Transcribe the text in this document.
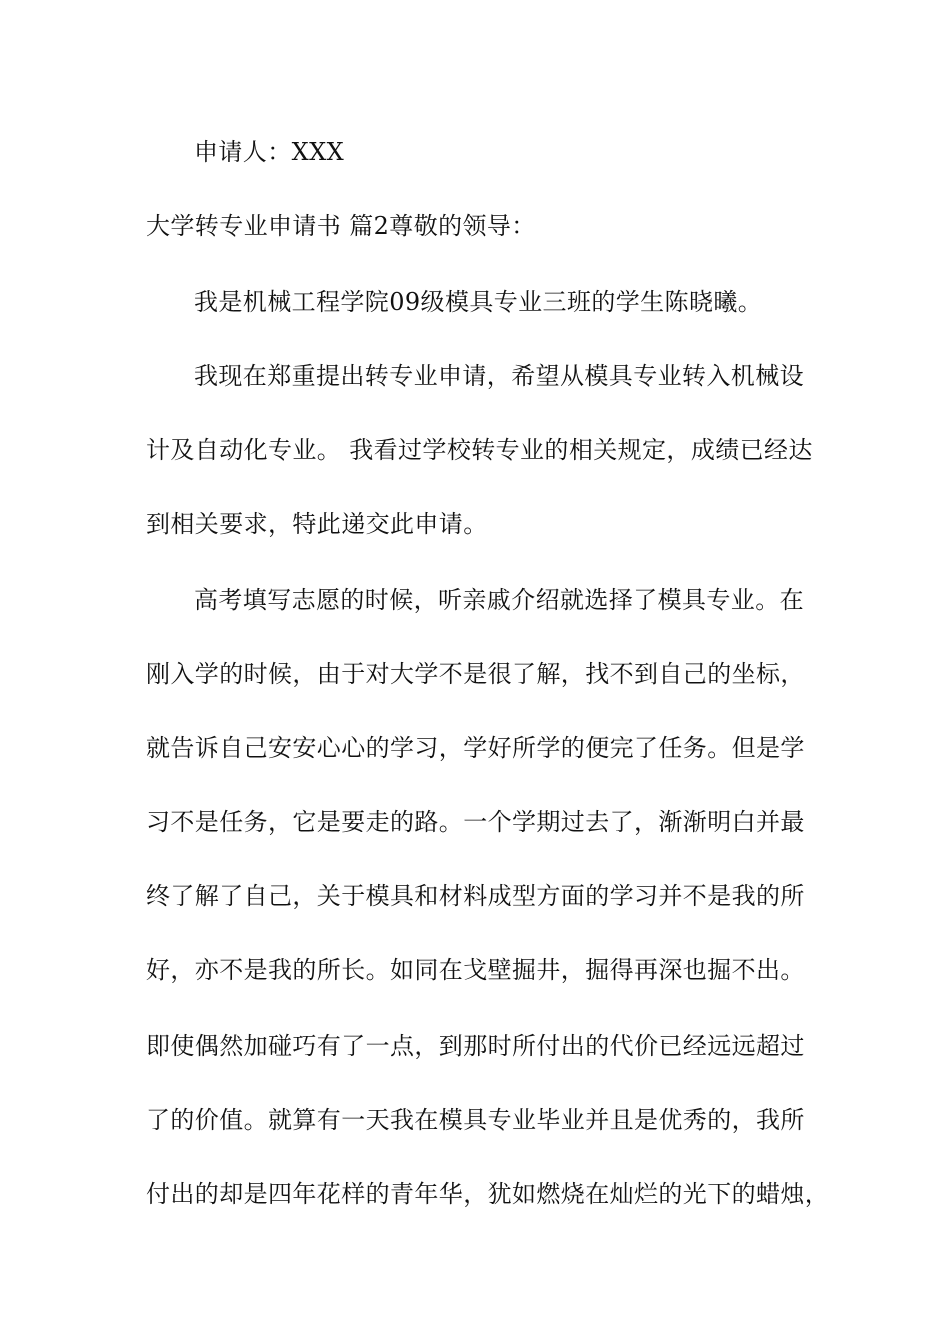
申请人：XXX
大学转专业申请书 篇2尊敬的领导：
我是机械工程学院09级模具专业三班的学生陈晓曦。
我现在郑重提出转专业申请，希望从模具专业转入机械设
计及自动化专业。 我看过学校转专业的相关规定，成绩已经达
到相关要求，特此递交此申请。
高考填写志愿的时候，听亲戚介绍就选择了模具专业。在
刚入学的时候，由于对大学不是很了解，找不到自己的坐标，
就告诉自己安安心心的学习，学好所学的便完了任务。但是学
习不是任务，它是要走的路。一个学期过去了，渐渐明白并最
终了解了自己，关于模具和材料成型方面的学习并不是我的所
好，亦不是我的所长。如同在戈壁掘井，掘得再深也掘不出。
即使偶然加碰巧有了一点，到那时所付出的代价已经远远超过
了的价值。就算有一天我在模具专业毕业并且是优秀的，我所
付出的却是四年花样的青年华，犹如燃烧在灿烂的光下的蜡烛，
